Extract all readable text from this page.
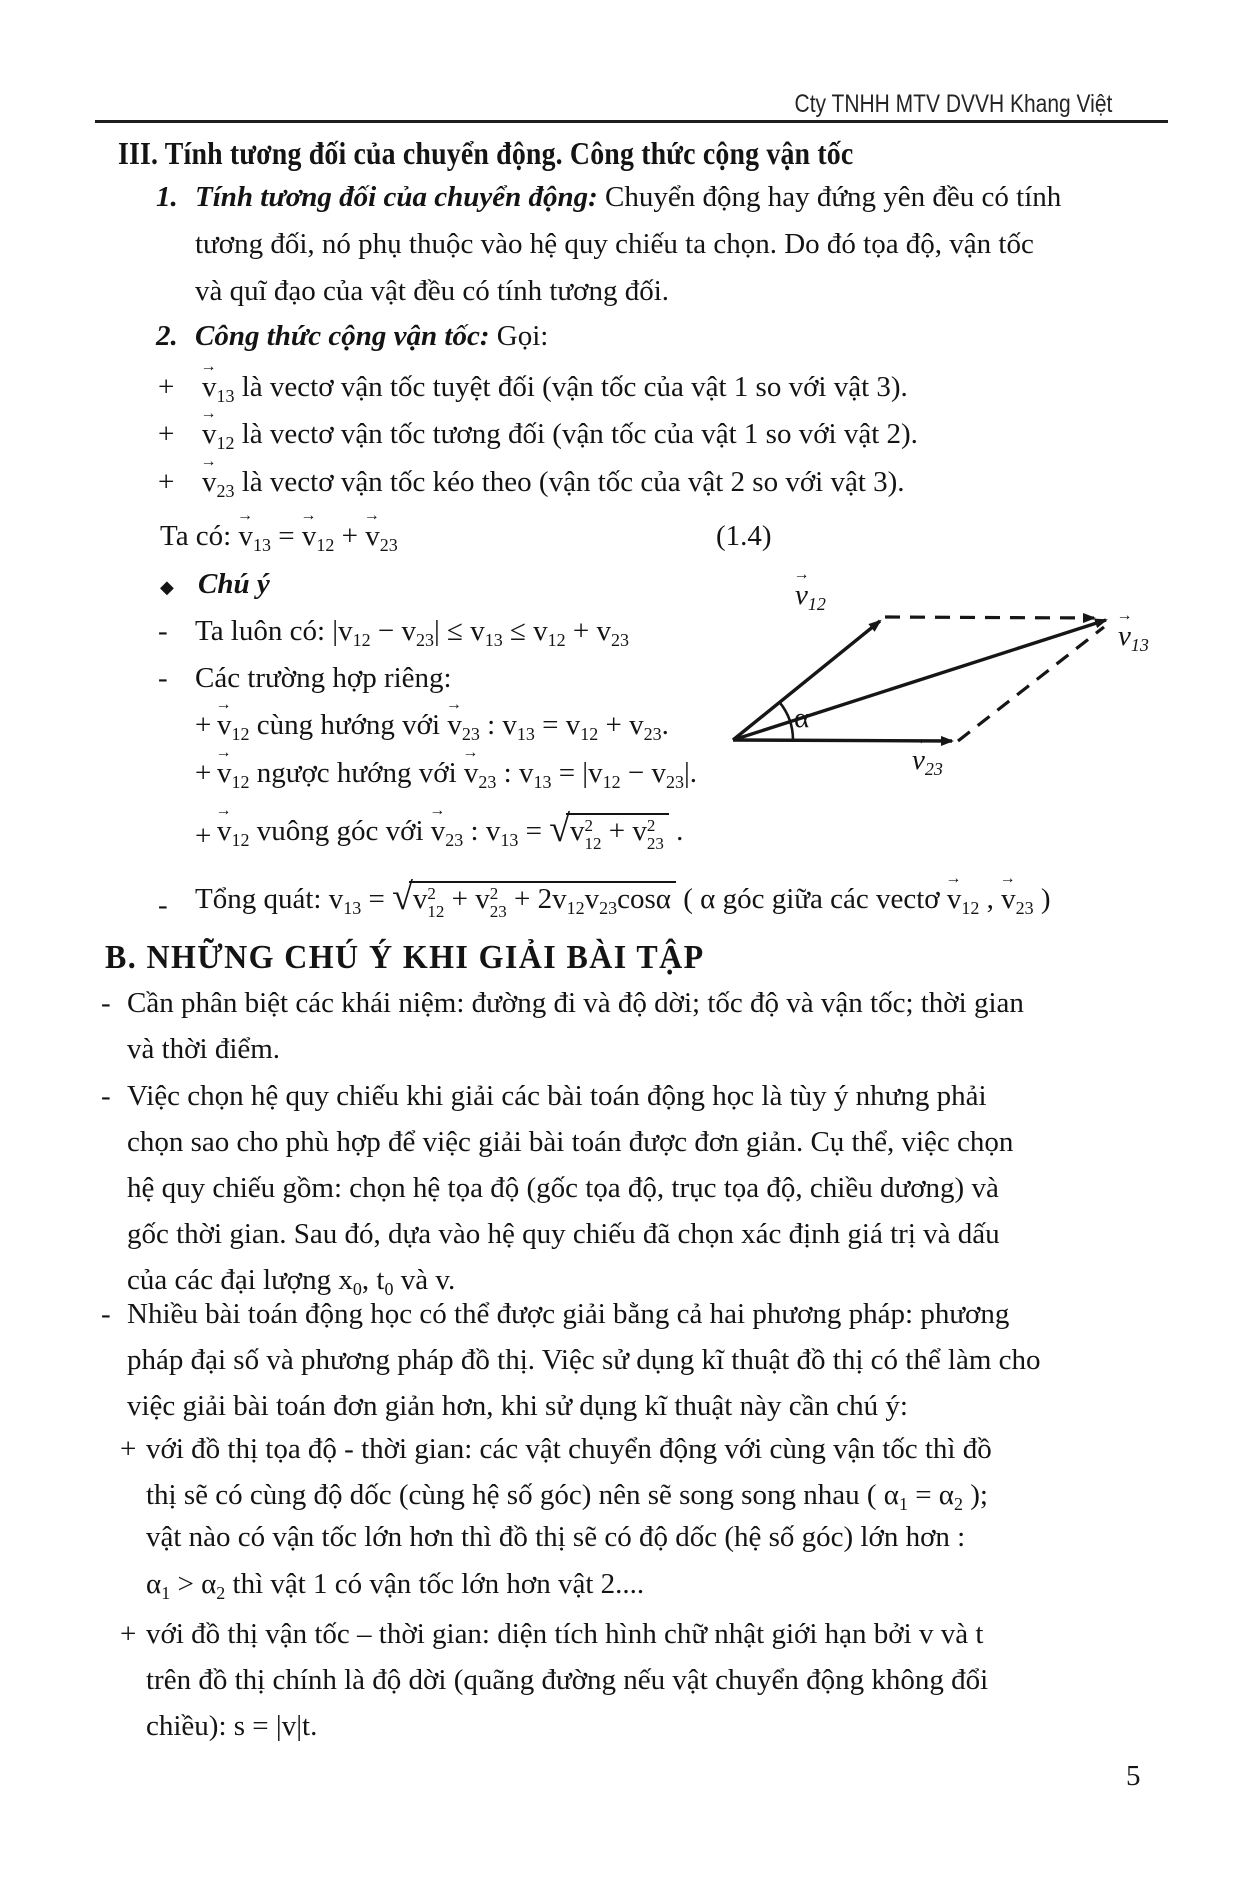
Cty TNHH MTV DVVH Khang Việt
III. Tính tương đối của chuyển động. Công thức cộng vận tốc
Tính tương đối của chuyển động: Chuyển động hay đứng yên đều có tính
1.
tương đối, nó phụ thuộc vào hệ quy chiếu ta chọn. Do đó tọa độ, vận tốc
và quĩ đạo của vật đều có tính tương đối.
Công thức cộng vận tốc: Gọi:
2.
v
→
$_{13}$ là vectơ vận tốc tuyệt đối (vận tốc của vật 1 so với vật 3).
+
v
→
$_{12}$ là vectơ vận tốc tương đối (vận tốc của vật 1 so với vật 2).
+
v
→
$_{23}$ là vectơ vận tốc kéo theo (vận tốc của vật 2 so với vật 3).
+
Ta có: v
→
$_{13}$ = v
→
$_{12}$ + v
→
$_{23}$	(1.4)
Chú ý
◆
Ta luôn có: $|v_{12} - v_{23}| \le v_{13} \le v_{12} + v_{23}$
-
Các trường hợp riêng:
-
v
→
$_{12}$ cùng hướng với v
→
$_{23}$ : $v_{13} = v_{12} + v_{23}$.
+
v
→
$_{12}$ ngược hướng với v
→
$_{23}$ : $v_{13} = |v_{12} - v_{23}|$.
+
v
→
$_{12}$ vuông góc với v
→
$_{23}$ : $v_{13} = √v$ 2
12 + v 2
23 .
+
Tổng quát: $v_{13} = √v$ 2
12 + v 2
$23 + 2v_{12}v_{23}\cos\alpha$ ( α góc giữa các vectơ v
→
$_{12}$ , v
→
$_{23}$ )
-
B. NHỮNG CHÚ Ý KHI GIẢI BÀI TẬP
Cần phân biệt các khái niệm: đường đi và độ dời; tốc độ và vận tốc; thời gian
-
và thời điểm.
Việc chọn hệ quy chiếu khi giải các bài toán động học là tùy ý nhưng phải
-
chọn sao cho phù hợp để việc giải bài toán được đơn giản. Cụ thể, việc chọn
hệ quy chiếu gồm: chọn hệ tọa độ (gốc tọa độ, trục tọa độ, chiều dương) và
gốc thời gian. Sau đó, dựa vào hệ quy chiếu đã chọn xác định giá trị và dấu
của các đại lượng $x_0$, $t_0$ và v.
Nhiều bài toán động học có thể được giải bằng cả hai phương pháp: phương
-
pháp đại số và phương pháp đồ thị. Việc sử dụng kĩ thuật đồ thị có thể làm cho
việc giải bài toán đơn giản hơn, khi sử dụng kĩ thuật này cần chú ý:
với đồ thị tọa độ - thời gian: các vật chuyển động với cùng vận tốc thì đồ
+
thị sẽ có cùng độ dốc (cùng hệ số góc) nên sẽ song song nhau ( $\alpha_1 = \alpha_2$ );
vật nào có vận tốc lớn hơn thì đồ thị sẽ có độ dốc (hệ số góc) lớn hơn :
$\alpha_1 > \alpha_2$ thì vật 1 có vận tốc lớn hơn vật 2....
với đồ thị vận tốc – thời gian: diện tích hình chữ nhật giới hạn bởi v và t
+
trên đồ thị chính là độ dời (quãng đường nếu vật chuyển động không đổi
chiều): s = |v|t.
→
$v_{12}$
→
$v_{13}$
→
$v_{23}$
α
5
